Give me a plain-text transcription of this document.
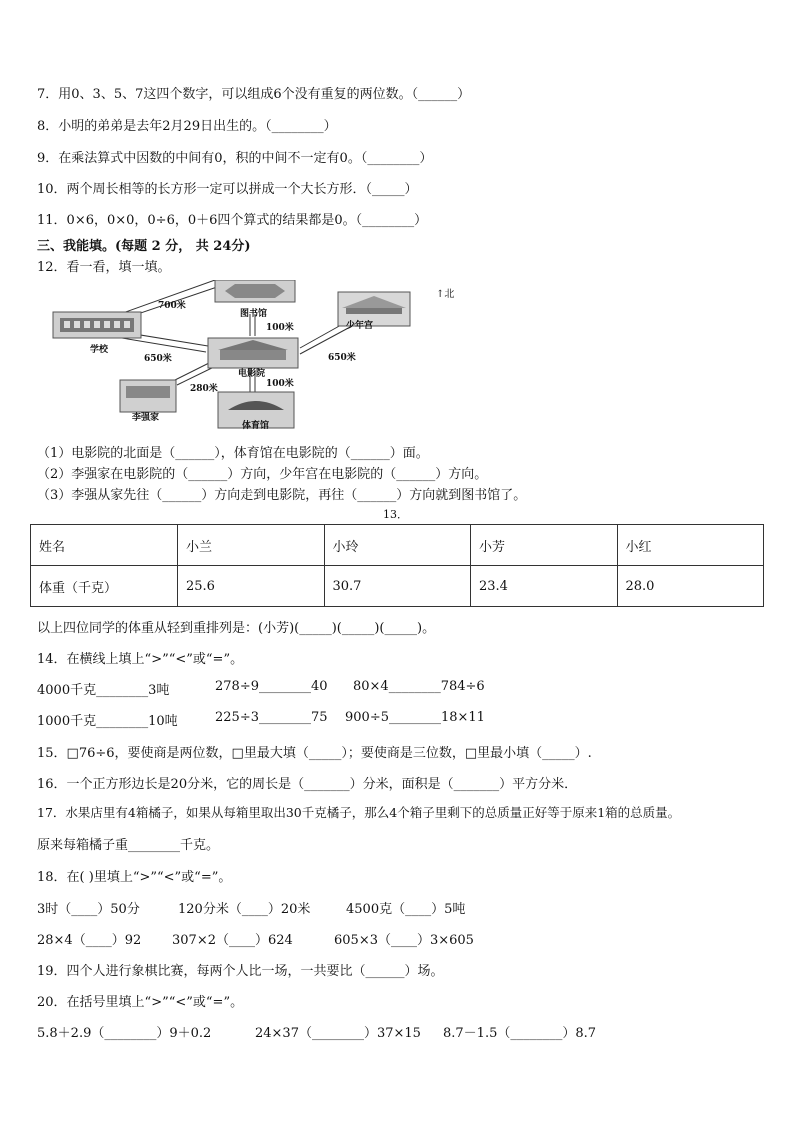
7．用0、3、5、7这四个数字，可以组成6个没有重复的两位数。（______）
8．小明的弟弟是去年2月29日出生的。（________）
9．在乘法算式中因数的中间有0，积的中间不一定有0。（________）
10．两个周长相等的长方形一定可以拼成一个大长方形．（_____）
11．0×6，0×0，0÷6，0＋6四个算式的结果都是0。（________）
三、我能填。(每题 2 分， 共 24分)
12．看一看，填一填。
700米
图书馆
100米	少年宫
学校
650米	650米
电影院
280米	100米
李强家
体育馆
↑北
（1）电影院的北面是（______），体育馆在电影院的（______）面。
（2）李强家在电影院的（______）方向，少年宫在电影院的（______）方向。
（3）李强从家先往（______）方向走到电影院，再往（______）方向就到图书馆了。
13．
姓名	小兰	小玲	小芳	小红
体重（千克）	25.6	30.7	23.4	28.0
以上四位同学的体重从轻到重排列是：(小芳)(_____)(_____)(_____)。
14．在横线上填上“>”“<”或“=”。
4000千克________3吨	278÷9________40 80×4________784÷6
1000千克________10吨	225÷3________75 900÷5________18×11
15．□76÷6，要使商是两位数，□里最大填（_____）；要使商是三位数，□里最小填（_____）.
16．一个正方形边长是20分米，它的周长是（_______）分米，面积是（_______）平方分米．
17．水果店里有4箱橘子，如果从每箱里取出30千克橘子，那么4个箱子里剩下的总质量正好等于原来1箱的总质量。
原来每箱橘子重________千克。
18．在( )里填上“>”“<”或“=”。
3时（____）50分	120分米（____）20米	4500克（____）5吨
28×4（____）92 307×2（____）624	605×3（____）3×605
19．四个人进行象棋比赛，每两个人比一场，一共要比（______）场。
20．在括号里填上“>”“<”或“=”。
5.8＋2.9（________）9＋0.2	24×37（________）37×15 8.7－1.5（________）8.7
